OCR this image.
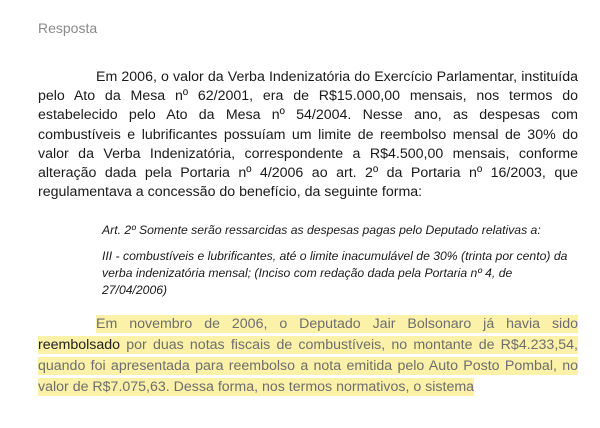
Resposta

Em 2006, o valor da Verba Indenizatória do Exercício Parlamentar, instituída pelo Ato da Mesa nº 62/2001, era de R$15.000,00 mensais, nos termos do estabelecido pelo Ato da Mesa nº 54/2004. Nesse ano, as despesas com combustíveis e lubrificantes possuíam um limite de reembolso mensal de 30% do valor da Verba Indenizatória, correspondente a R$4.500,00 mensais, conforme alteração dada pela Portaria nº 4/2006 ao art. 2º da Portaria nº 16/2003, que regulamentava a concessão do benefício, da seguinte forma:

Art. 2º Somente serão ressarcidas as despesas pagas pelo Deputado relativas a:

III - combustíveis e lubrificantes, até o limite inacumulável de 30% (trinta por cento) da verba indenizatória mensal; (Inciso com redação dada pela Portaria nº 4, de 27/04/2006)

Em novembro de 2006, o Deputado Jair Bolsonaro já havia sido reembolsado por duas notas fiscais de combustíveis, no montante de R$4.233,54, quando foi apresentada para reembolso a nota emitida pelo Auto Posto Pombal, no valor de R$7.075,63. Dessa forma, nos termos normativos, o sistema
